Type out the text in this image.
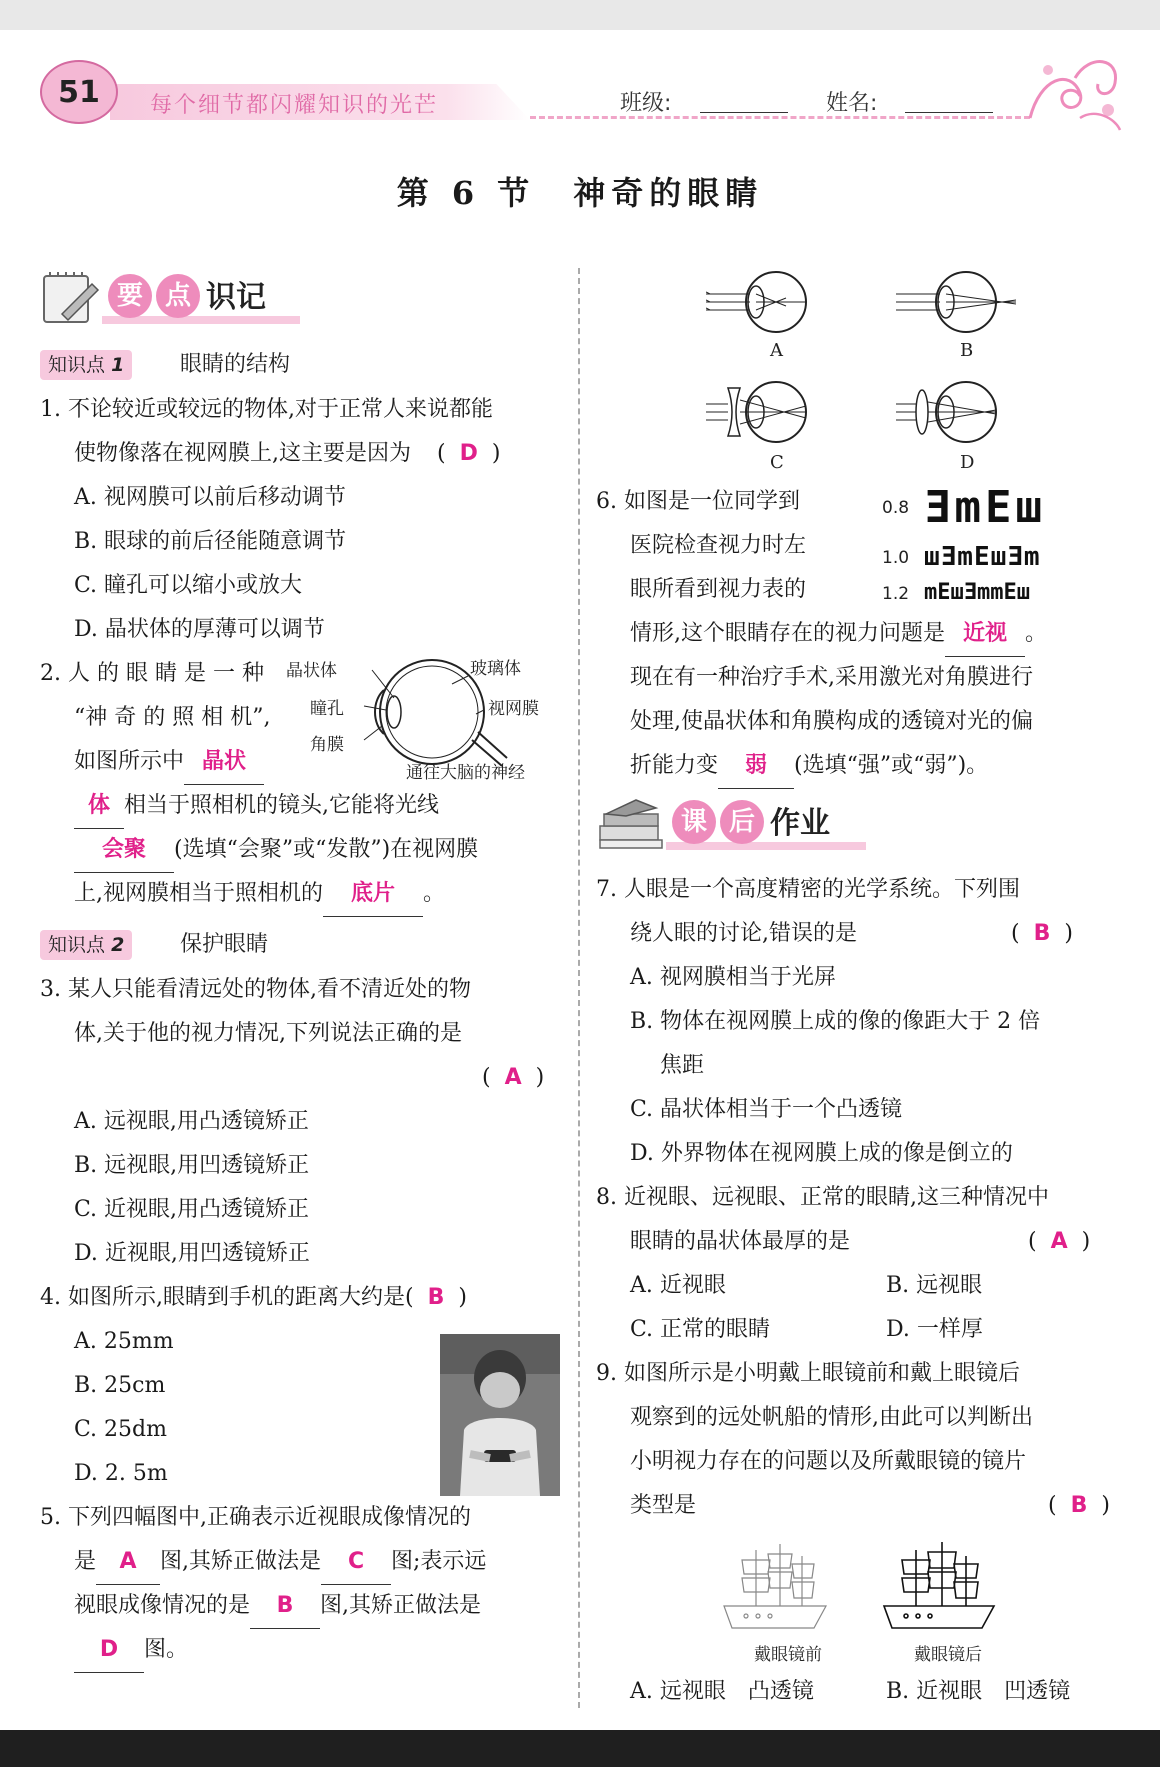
51	每个细节都闪耀知识的光芒	班级:	姓名:
第 6 节　神奇的眼睛
要 点 识记
知识点 1	眼睛的结构
1. 不论较近或较远的物体,对于正常人来说都能
使物像落在视网膜上,这主要是因为 ( D )
A. 视网膜可以前后移动调节
B. 眼球的前后径能随意调节
C. 瞳孔可以缩小或放大
D. 晶状体的厚薄可以调节
2. 人 的 眼 睛 是 一 种
“神 奇 的 照 相 机”,
如图所示中 晶状
体 相当于照相机的镜头,它能将光线
会聚 (选填“会聚”或“发散”)在视网膜
上,视网膜相当于照相机的 底片 。
晶状体	玻璃体
瞳孔	视网膜
角膜
通往大脑的神经
知识点 2	保护眼睛
3. 某人只能看清远处的物体,看不清近处的物
体,关于他的视力情况,下列说法正确的是
( A )
A. 远视眼,用凸透镜矫正
B. 远视眼,用凹透镜矫正
C. 近视眼,用凸透镜矫正
D. 近视眼,用凹透镜矫正
4. 如图所示,眼睛到手机的距离大约是( B )
A. 25mm
B. 25cm
C. 25dm
D. 2. 5m
5. 下列四幅图中,正确表示近视眼成像情况的
是 A 图,其矫正做法是 C 图;表示远
视眼成像情况的是 B 图,其矫正做法是
D 图。
A	B
C	D
6. 如图是一位同学到
医院检查视力时左
眼所看到视力表的
0.8 ƎmEш
1.0 шƎmEшƎm
1.2 mEшƎmmEш
情形,这个眼睛存在的视力问题是 近视 。
现在有一种治疗手术,采用激光对角膜进行
处理,使晶状体和角膜构成的透镜对光的偏
折能力变 弱 (选填“强”或“弱”)。
课 后 作业
7. 人眼是一个高度精密的光学系统。下列围
绕人眼的讨论,错误的是	( B )
A. 视网膜相当于光屏
B. 物体在视网膜上成的像的像距大于 2 倍
焦距
C. 晶状体相当于一个凸透镜
D. 外界物体在视网膜上成的像是倒立的
8. 近视眼、远视眼、正常的眼睛,这三种情况中
眼睛的晶状体最厚的是	( A )
A. 近视眼	B. 远视眼
C. 正常的眼睛	D. 一样厚
9. 如图所示是小明戴上眼镜前和戴上眼镜后
观察到的远处帆船的情形,由此可以判断出
小明视力存在的问题以及所戴眼镜的镜片
类型是	( B )
戴眼镜前	戴眼镜后
A. 远视眼　凸透镜	B. 近视眼　凹透镜
